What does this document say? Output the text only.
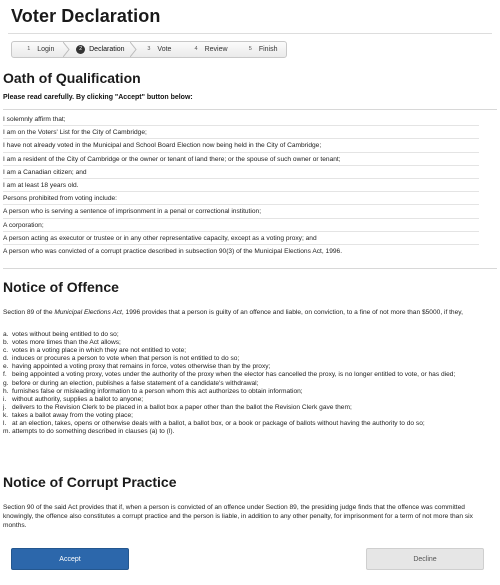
Voter Declaration
1 Login	2 Declaration	3 Vote	4 Review	5 Finish
Oath of Qualification
Please read carefully. By clicking "Accept" button below:
I solemnly affirm that;
I am on the Voters' List for the City of Cambridge;
I have not already voted in the Municipal and School Board Election now being held in the City of Cambridge;
I am a resident of the City of Cambridge or the owner or tenant of land there; or the spouse of such owner or tenant;
I am a Canadian citizen; and
I am at least 18 years old.
Persons prohibited from voting include:
A person who is serving a sentence of imprisonment in a penal or correctional institution;
A corporation;
A person acting as executor or trustee or in any other representative capacity, except as a voting proxy; and
A person who was convicted of a corrupt practice described in subsection 90(3) of the Municipal Elections Act, 1996.
Notice of Offence
Section 89 of the Municipal Elections Act, 1996 provides that a person is guilty of an offence and liable, on conviction, to a fine of not more than $5000, if they,
a. votes without being entitled to do so;
b. votes more times than the Act allows;
c. votes in a voting place in which they are not entitled to vote;
d. induces or procures a person to vote when that person is not entitled to do so;
e. having appointed a voting proxy that remains in force, votes otherwise than by the proxy;
f. being appointed a voting proxy, votes under the authority of the proxy when the elector has cancelled the proxy, is no longer entitled to vote, or has died;
g. before or during an election, publishes a false statement of a candidate's withdrawal;
h. furnishes false or misleading information to a person whom this act authorizes to obtain information;
i. without authority, supplies a ballot to anyone;
j. delivers to the Revision Clerk to be placed in a ballot box a paper other than the ballot the Revision Clerk gave them;
k. takes a ballot away from the voting place;
l. at an election, takes, opens or otherwise deals with a ballot, a ballot box, or a book or package of ballots without having the authority to do so;
m. attempts to do something described in clauses (a) to (l).
Notice of Corrupt Practice
Section 90 of the said Act provides that if, when a person is convicted of an offence under Section 89, the presiding judge finds that the offence was committed knowingly, the offence also constitutes a corrupt practice and the person is liable, in addition to any other penalty, for imprisonment for a term of not more than six months.
Accept	Decline
